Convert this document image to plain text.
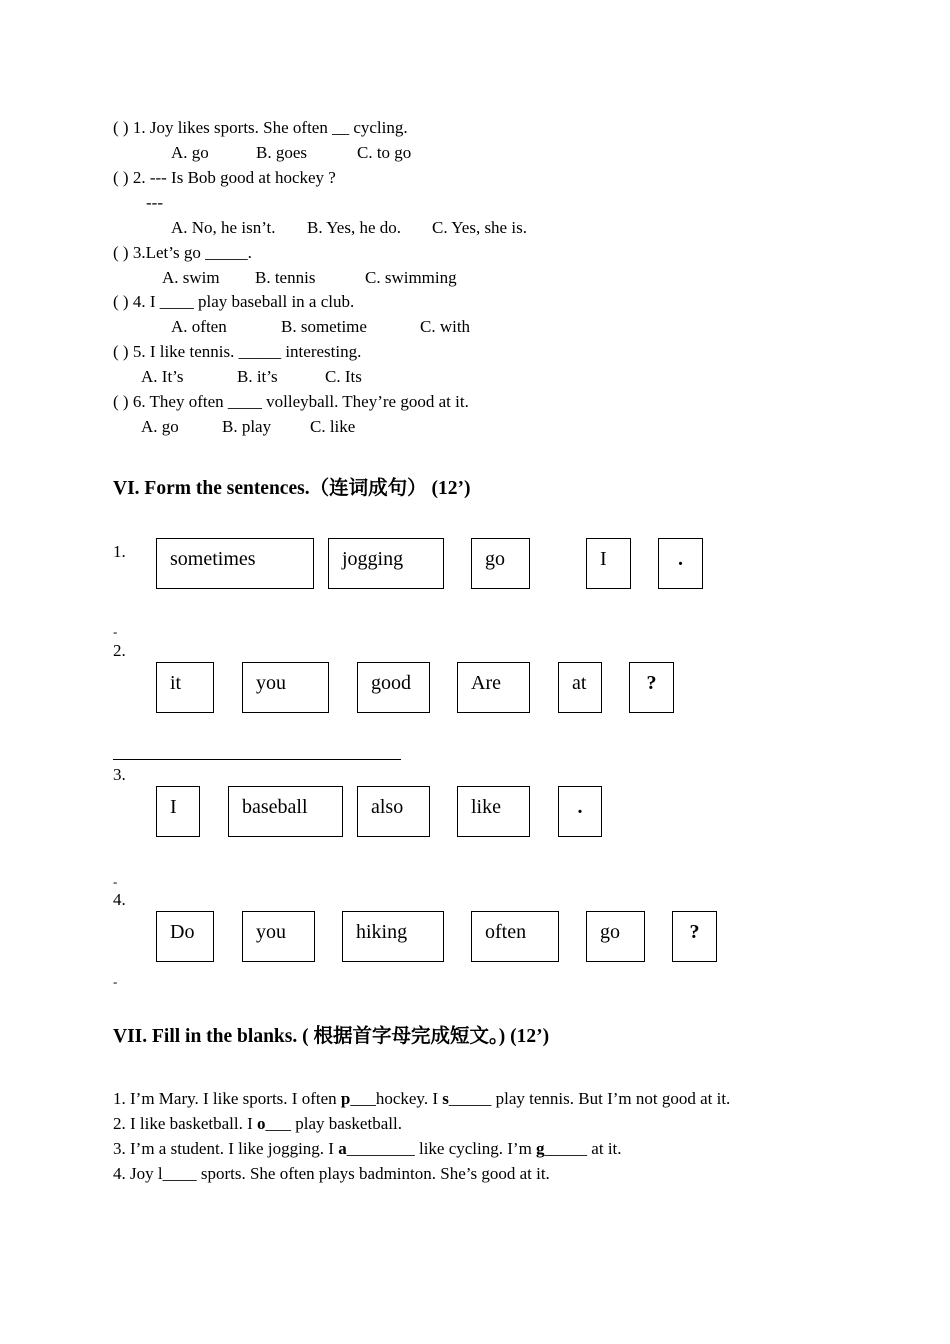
( ) 1. Joy likes sports. She often __ cycling.
A. go	B. goes	C. to go
( ) 2. --- Is Bob good at hockey ?
---
A. No, he isn’t. B. Yes, he do. C. Yes, she is.
( ) 3.Let’s go _____.
A. swim B. tennis	C. swimming
( ) 4. I ____ play baseball in a club.
A. often	B. sometime	C. with
( ) 5. I like tennis. _____ interesting.
A. It’s	B. it’s	C. Its
( ) 6. They often ____ volleyball. They’re good at it.
A. go	B. play C. like
VI. Form the sentences.（连词成句） (12’)
1.	sometimes	jogging	go	I	.
-
2.
it	you	good	Are	at	?
3.
I	baseball	also	like	.
-
4.
Do	you	hiking	often	go	?
-
VII. Fill in the blanks. ( 根据首字母完成短文。) (12’)
1. I’m Mary. I like sports. I often p___hockey. I s_____ play tennis. But I’m not good at it.
2. I like basketball. I o___ play basketball.
3. I’m a student. I like jogging. I a________ like cycling. I’m g_____ at it.
4. Joy l____ sports. She often plays badminton. She’s good at it.
